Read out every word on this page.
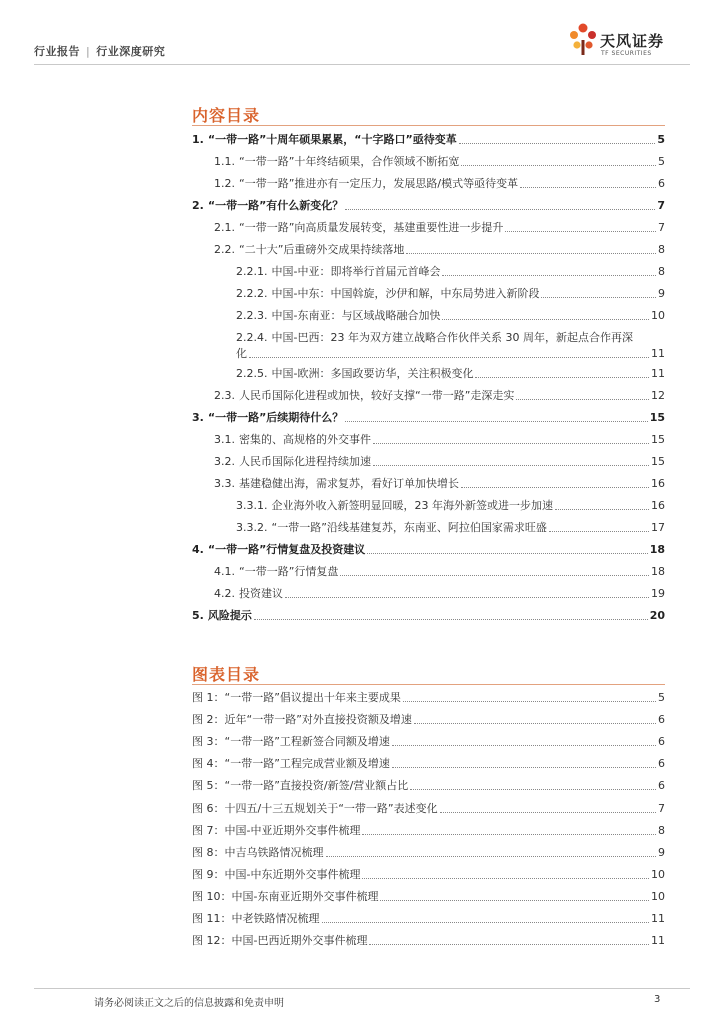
行业报告 | 行业深度研究
天风证券
TF SECURITIES
内容目录
1. “一带一路”十周年硕果累累，“十字路口”亟待变革	5
1.1. “一带一路”十年终结硕果，合作领域不断拓宽	5
1.2. “一带一路”推进亦有一定压力，发展思路/模式等亟待变革	6
2. “一带一路”有什么新变化？	7
2.1. “一带一路”向高质量发展转变，基建重要性进一步提升	7
2.2. “二十大”后重磅外交成果持续落地	8
2.2.1. 中国-中亚：即将举行首届元首峰会	8
2.2.2. 中国-中东：中国斡旋，沙伊和解，中东局势进入新阶段	9
2.2.3. 中国-东南亚：与区域战略融合加快	10
2.2.4. 中国-巴西：23 年为双方建立战略合作伙伴关系 30 周年，新起点合作再深
化	11
2.2.5. 中国-欧洲：多国政要访华，关注积极变化	11
2.3. 人民币国际化进程或加快，较好支撑“一带一路”走深走实	12
3. “一带一路”后续期待什么？	15
3.1. 密集的、高规格的外交事件	15
3.2. 人民币国际化进程持续加速	15
3.3. 基建稳健出海，需求复苏，看好订单加快增长	16
3.3.1. 企业海外收入新签明显回暖，23 年海外新签或进一步加速	16
3.3.2. “一带一路”沿线基建复苏，东南亚、阿拉伯国家需求旺盛	17
4. “一带一路”行情复盘及投资建议	18
4.1. “一带一路”行情复盘	18
4.2. 投资建议	19
5. 风险提示	20
图表目录
图 1： “一带一路”倡议提出十年来主要成果	5
图 2： 近年“一带一路”对外直接投资额及增速	6
图 3： “一带一路”工程新签合同额及增速	6
图 4： “一带一路”工程完成营业额及增速	6
图 5： “一带一路”直接投资/新签/营业额占比	6
图 6： 十四五/十三五规划关于“一带一路”表述变化	7
图 7： 中国-中亚近期外交事件梳理	8
图 8： 中吉乌铁路情况梳理	9
图 9： 中国-中东近期外交事件梳理	10
图 10： 中国-东南亚近期外交事件梳理	10
图 11： 中老铁路情况梳理	11
图 12： 中国-巴西近期外交事件梳理	11
请务必阅读正文之后的信息披露和免责申明	3
